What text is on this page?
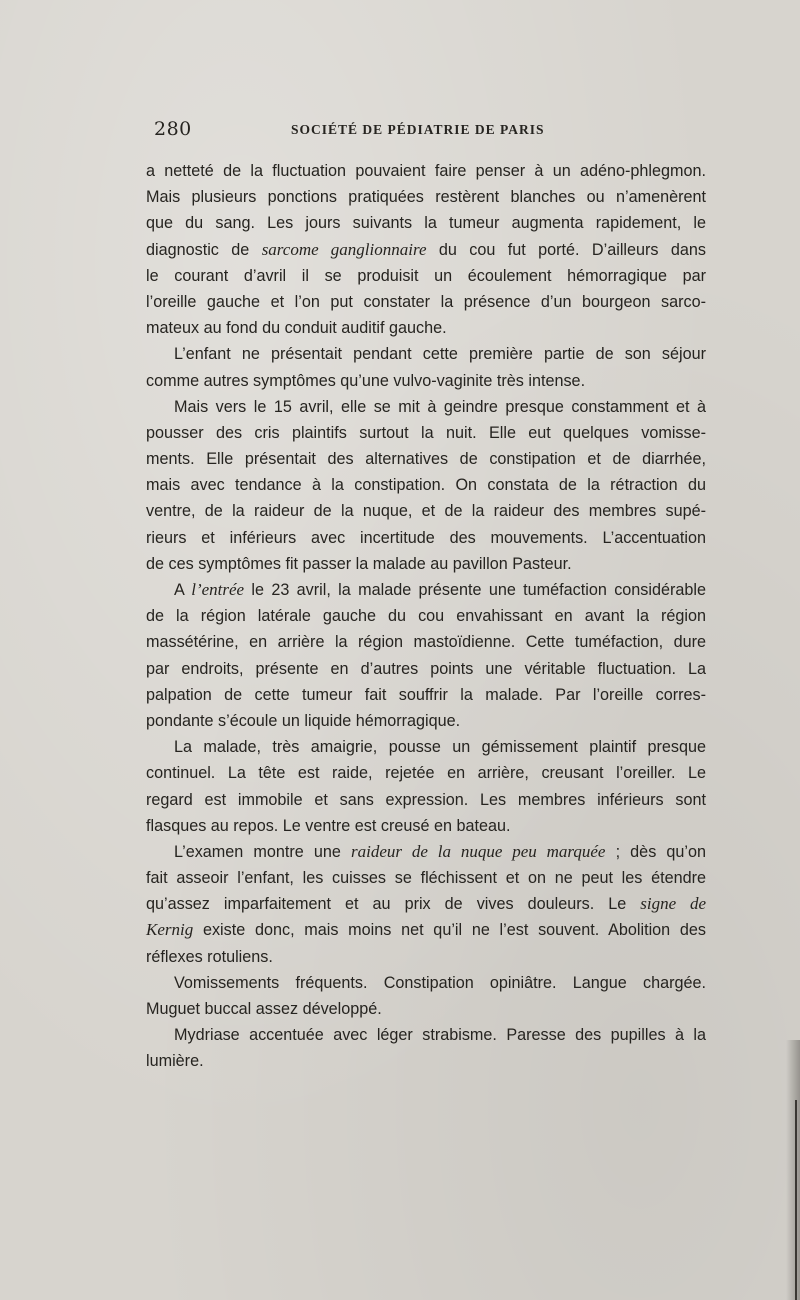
280	SOCIÉTÉ DE PÉDIATRIE DE PARIS
a netteté de la fluctuation pouvaient faire penser à un adéno-phlegmon.
Mais plusieurs ponctions pratiquées restèrent blanches ou n’amenèrent
que du sang. Les jours suivants la tumeur augmenta rapidement, le
diagnostic de sarcome ganglionnaire du cou fut porté. D’ailleurs dans
le courant d’avril il se produisit un écoulement hémorragique par
l’oreille gauche et l’on put constater la présence d’un bourgeon sarco-
mateux au fond du conduit auditif gauche.
L’enfant ne présentait pendant cette première partie de son séjour
comme autres symptômes qu’une vulvo-vaginite très intense.
Mais vers le 15 avril, elle se mit à geindre presque constamment et à
pousser des cris plaintifs surtout la nuit. Elle eut quelques vomisse-
ments. Elle présentait des alternatives de constipation et de diarrhée,
mais avec tendance à la constipation. On constata de la rétraction du
ventre, de la raideur de la nuque, et de la raideur des membres supé-
rieurs et inférieurs avec incertitude des mouvements. L’accentuation
de ces symptômes fit passer la malade au pavillon Pasteur.
A l’entrée le 23 avril, la malade présente une tuméfaction considérable
de la région latérale gauche du cou envahissant en avant la région
massétérine, en arrière la région mastoïdienne. Cette tuméfaction, dure
par endroits, présente en d’autres points une véritable fluctuation. La
palpation de cette tumeur fait souffrir la malade. Par l’oreille corres-
pondante s’écoule un liquide hémorragique.
La malade, très amaigrie, pousse un gémissement plaintif presque
continuel. La tête est raide, rejetée en arrière, creusant l’oreiller. Le
regard est immobile et sans expression. Les membres inférieurs sont
flasques au repos. Le ventre est creusé en bateau.
L’examen montre une raideur de la nuque peu marquée ; dès qu’on
fait asseoir l’enfant, les cuisses se fléchissent et on ne peut les étendre
qu’assez imparfaitement et au prix de vives douleurs. Le signe de
Kernig existe donc, mais moins net qu’il ne l’est souvent. Abolition des
réflexes rotuliens.
Vomissements fréquents. Constipation opiniâtre. Langue chargée.
Muguet buccal assez développé.
Mydriase accentuée avec léger strabisme. Paresse des pupilles à la
lumière.
